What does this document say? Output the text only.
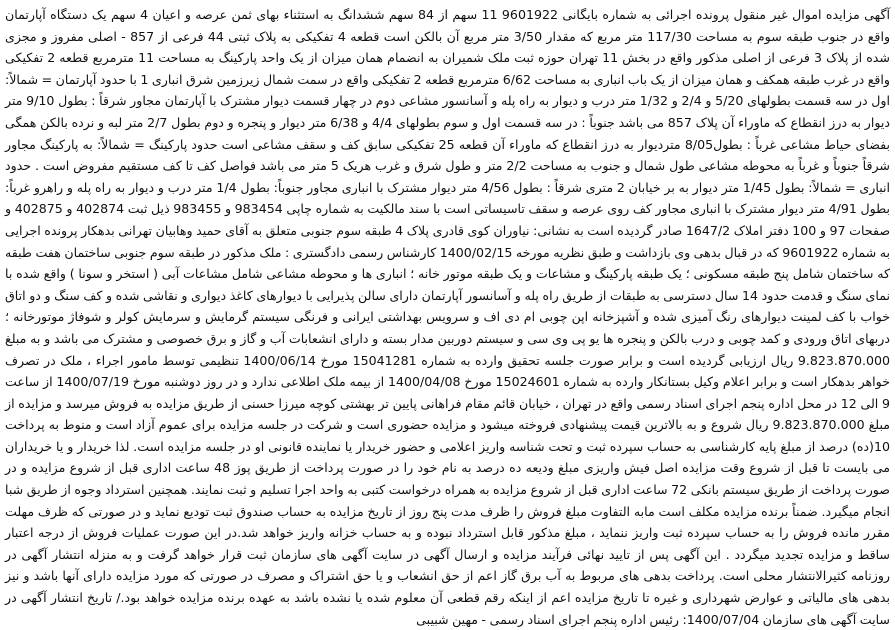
آگهی مزایده اموال غیر منقول پرونده اجرائی به شماره بایگانی 9601922 11 سهم از 84 سهم ششدانگ به استثناء بهای ثمن عرصه و اعیان 4 سهم یک دستگاه آپارتمان واقع در جنوب طبقه سوم به مساحت 117/30 متر مربع که مقدار 3/50 متر مربع آن بالکن است قطعه 4 تفکیکی به پلاک ثبتی 44 فرعی از 857 - اصلی مفروز و مجزی شده از پلاک 3 فرعی از اصلی مذکور واقع در بخش 11 تهران حوزه ثبت ملک شمیران به انضمام همان میزان از یک واحد پارکینگ به مساحت 11 مترمربع قطعه 2 تفکیکی واقع در غرب طبقه همکف و همان میزان از یک باب انباری به مساحت 6/62 مترمربع قطعه 2 تفکیکی واقع در سمت شمال زیرزمین شرق انباری 1 با حدود آپارتمان = شمالاً: اول در سه قسمت بطولهای 5/20 و 2/4 و 1/32 متر درب و دیوار به راه پله و آسانسور مشاعی دوم در چهار قسمت دیوار مشترک با آپارتمان مجاور شرقاً : بطول 9/10 متر دیوار به درز انقطاع که ماوراء آن پلاک 857 می باشد جنوباً : در سه قسمت اول و سوم بطولهای 4/4 و 6/38 متر دیوار و پنجره و دوم بطول 2/7 متر لبه و نرده بالکن همگی بفضای حیاط مشاعی غرباً : بطول8/05 متردیوار به درز انقطاع که ماوراء آن قطعه 25 تفکیکی سابق کف و سقف مشاعی است حدود پارکینگ = شمالاً: به پارکینگ مجاور شرقاً جنوباً و غرباً به محوطه مشاعی طول شمال و جنوب به مساحت 2/2 متر و طول شرق و غرب هریک 5 متر می باشد فواصل کف تا کف مستقیم مفروض است . حدود انباری = شمالاً: بطول 1/45 متر دیوار به بر خیابان 2 متری شرقاً : بطول 4/56 متر دیوار مشترک با انباری مجاور جنوباً: بطول 1/4 متر درب و دیوار به راه پله و راهرو غرباً: بطول 4/91 متر دیوار مشترک با انباری مجاور کف روی عرصه و سقف تاسیساتی است با سند مالکیت به شماره چاپی 983454 و 983455 ذیل ثبت 402874 و 402875 و صفحات 97 و 100 دفتر املاک 1647/2 صادر گردیده است به نشانی: نیاوران کوی قادری پلاک 4 طبقه سوم جنوبی متعلق به آقای حمید وهابیان تهرانی بدهکار پرونده اجرایی به شماره 9601922 که در قبال بدهی وی بازداشت و طبق نظریه مورخه 1400/02/15 کارشناس رسمی دادگستری : ملک مذکور در طبقه سوم جنوبی ساختمان هفت طبقه که ساختمان شامل پنج طبقه مسکونی ؛ یک طبقه پارکینگ و مشاعات و یک طبقه موتور خانه ؛ انباری ها و محوطه مشاعی شامل مشاعات آبی ( استخر و سونا ) واقع شده با نمای سنگ و قدمت حدود 14 سال دسترسی به طبقات از طریق راه پله و آسانسور آپارتمان دارای سالن پذیرایی با دیوارهای کاغذ دیواری و نقاشی شده و کف سنگ و دو اتاق خواب با کف لمینت دیوارهای رنگ آمیزی شده و آشپزخانه اپن چوبی ام دی اف و سرویس بهداشتی ایرانی و فرنگی سیستم گرمایش و سرمایش کولر و شوفاژ موتورخانه ؛ دربهای اتاق ورودی و کمد چوبی و درب بالکن و پنجره ها یو پی وی سی و سیستم دوربین مدار بسته و دارای انشعابات آب و گاز و برق خصوصی و مشترک می باشد و به مبلغ 9.823.870.000 ریال ارزیابی گردیده است و برابر صورت جلسه تحقیق وارده به شماره 15041281 مورخ 1400/06/14 تنظیمی توسط مامور اجراء ، ملک در تصرف خواهر بدهکار است و برابر اعلام وکیل بستانکار وارده به شماره 15024601 مورخ 1400/04/08 از بیمه ملک اطلاعی ندارد و در روز دوشنبه مورخ 1400/07/19 از ساعت 9 الی 12 در محل اداره پنجم اجرای اسناد رسمی واقع در تهران ، خیابان قائم مقام فراهانی پایین تر بهشتی کوچه میرزا حسنی از طریق مزایده به فروش میرسد و مزایده از مبلغ 9.823.870.000 ریال شروع و به بالاترین قیمت پیشنهادی فروخته میشود و مزایده حضوری است و شرکت در جلسه مزایده برای عموم آزاد است و منوط به پرداخت 10(ده) درصد از مبلغ پایه کارشناسی به حساب سپرده ثبت و تحت شناسه واریز اعلامی و حضور خریدار یا نماینده قانونی او در جلسه مزایده است. لذا خریدار و یا خریداران می بایست تا قبل از شروع وقت مزایده اصل فیش واریزی مبلغ ودیعه ده درصد به نام خود را در صورت پرداخت از طریق پوز 48 ساعت اداری قبل از شروع مزایده و در صورت پرداخت از طریق سیستم بانکی 72 ساعت اداری قبل از شروع مزایده به همراه درخواست کتبی به واحد اجرا تسلیم و ثبت نمایند. همچنین استرداد وجوه از طریق شبا انجام میگیرد. ضمناً برنده مزایده مکلف است مابه التفاوت مبلغ فروش را ظرف مدت پنج روز از تاریخ مزایده به حساب صندوق ثبت تودیع نماید و در صورتی که ظرف مهلت مقرر مانده فروش را به حساب سپرده ثبت واریز ننماید ، مبلغ مذکور قابل استرداد نبوده و به حساب خزانه واریز خواهد شد.در این صورت عملیات فروش از درجه اعتبار ساقط و مزایده تجدید میگردد . این آگهی پس از تایید نهائی فرآیند مزایده و ارسال آگهی در سایت آگهی های سازمان ثبت قرار خواهد گرفت و به منزله انتشار آگهی در روزنامه کثیرالانتشار محلی است. پرداخت بدهی های مربوط به آب برق گاز اعم از حق انشعاب و یا حق اشتراک و مصرف در صورتی که مورد مزایده دارای آنها باشد و نیز بدهی های مالیاتی و عوارض شهرداری و غیره تا تاریخ مزایده اعم از اینکه رقم قطعی آن معلوم شده یا نشده باشد به عهده برنده مزایده خواهد بود./ تاریخ انتشار آگهی در سایت آگهی های سازمان 1400/07/04: رئیس اداره پنجم اجرای اسناد رسمی - مهین شبیبی
